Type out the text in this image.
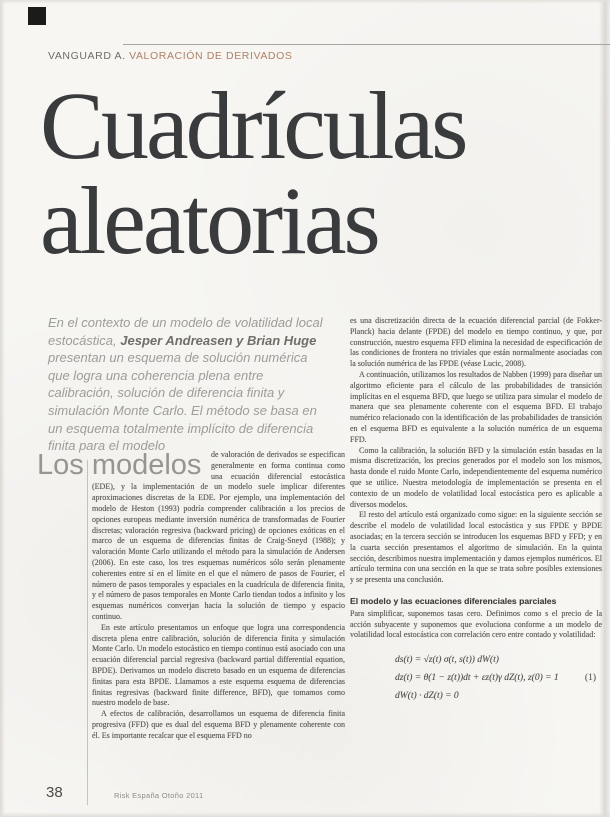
VANGUARD A. VALORACIÓN DE DERIVADOS
Cuadrículas
aleatorias
En el contexto de un modelo de volatilidad local estocástica, Jesper Andreasen y Brian Huge presentan un esquema de solución numérica que logra una coherencia plena entre calibración, solución de diferencia finita y simulación Monte Carlo. El método se basa en un esquema totalmente implícito de diferencia finita para el modelo

Los modelos	de valoración de derivados se especifican generalmente en forma continua como una ecuación diferencial estocástica (EDE), y la implementación de un modelo suele implicar diferentes aproximaciones discretas de la EDE. Por ejemplo, una implementación del modelo de Heston (1993) podría comprender calibración a los precios de opciones europeas mediante inversión numérica de transformadas de Fourier discretas; valoración regresiva (backward pricing) de opciones exóticas en el marco de un esquema de diferencias finitas de Craig-Sneyd (1988); y valoración Monte Carlo utilizando el método para la simulación de Andersen (2006). En este caso, los tres esquemas numéricos sólo serán plenamente coherentes entre sí en el límite en el que el número de pasos de Fourier, el número de pasos temporales y espaciales en la cuadrícula de diferencia finita, y el número de pasos temporales en Monte Carlo tiendan todos a infinito y los esquemas numéricos converjan hacia la solución de tiempo y espacio continuo.

En este artículo presentamos un enfoque que logra una correspondencia discreta plena entre calibración, solución de diferencia finita y simulación Monte Carlo. Un modelo estocástico en tiempo continuo está asociado con una ecuación diferencial parcial regresiva (backward partial differential equation, BPDE). Derivamos un modelo discreto basado en un esquema de diferencias finitas para esta BPDE. Llamamos a este esquema esquema de diferencias finitas regresivas (backward finite difference, BFD), que tomamos como nuestro modelo de base.

A efectos de calibración, desarrollamos un esquema de diferencia finita progresiva (FFD) que es dual del esquema BFD y plenamente coherente con él. Es importante recalcar que el esquema FFD no

es una discretización directa de la ecuación diferencial parcial (de Fokker-Planck) hacia delante (FPDE) del modelo en tiempo continuo, y que, por construcción, nuestro esquema FFD elimina la necesidad de especificación de las condiciones de frontera no triviales que están normalmente asociadas con la solución numérica de las FPDE (véase Lucic, 2008).

A continuación, utilizamos los resultados de Nabben (1999) para diseñar un algoritmo eficiente para el cálculo de las probabilidades de transición implícitas en el esquema BFD, que luego se utiliza para simular el modelo de manera que sea plenamente coherente con el esquema BFD. El trabajo numérico relacionado con la identificación de las probabilidades de transición en el esquema BFD es equivalente a la solución numérica de un esquema FFD.

Como la calibración, la solución BFD y la simulación están basadas en la misma discretización, los precios generados por el modelo son los mismos, hasta donde el ruido Monte Carlo, independientemente del esquema numérico que se utilice. Nuestra metodología de implementación se presenta en el contexto de un modelo de volatilidad local estocástica pero es aplicable a diversos modelos.

El resto del artículo está organizado como sigue: en la siguiente sección se describe el modelo de volatilidad local estocástica y sus FPDE y BPDE asociadas; en la tercera sección se introducen los esquemas BFD y FFD; y en la cuarta sección presentamos el algoritmo de simulación. En la quinta sección, describimos nuestra implementación y damos ejemplos numéricos. El artículo termina con una sección en la que se trata sobre posibles extensiones y se presenta una conclusión.

El modelo y las ecuaciones diferenciales parciales

Para simplificar, suponemos tasas cero. Definimos como s el precio de la acción subyacente y suponemos que evoluciona conforme a un modelo de volatilidad local estocástica con correlación cero entre contado y volatilidad:

ds(t) = √z(t) σ(t, s(t)) dW(t)
dz(t) = θ(1 − z(t))dt + εz(t)γ dZ(t), z(0) = 1	(1)
dW(t) · dZ(t) = 0
38	Risk España Otoño 2011
